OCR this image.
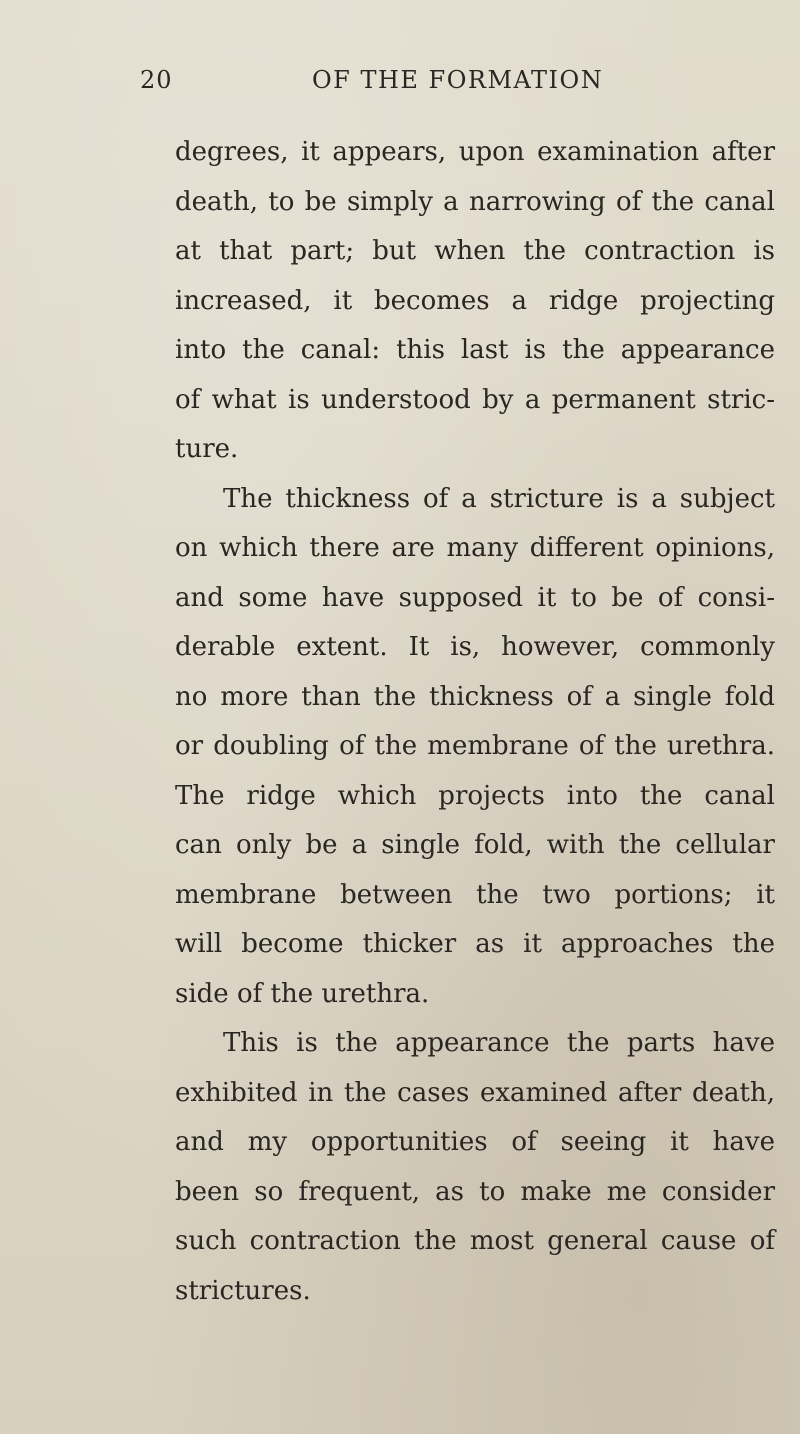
20	OF THE FORMATION

degrees, it appears, upon examination after
death, to be simply a narrowing of the canal
at that part; but when the contraction is
increased, it becomes a ridge projecting
into the canal: this last is the appearance
of what is understood by a permanent stric-
ture.

The thickness of a stricture is a subject
on which there are many different opinions,
and some have supposed it to be of consi-
derable extent. It is, however, commonly
no more than the thickness of a single fold
or doubling of the membrane of the urethra.
The ridge which projects into the canal
can only be a single fold, with the cellular
membrane between the two portions; it
will become thicker as it approaches the
side of the urethra.

This is the appearance the parts have
exhibited in the cases examined after death,
and my opportunities of seeing it have
been so frequent, as to make me consider
such contraction the most general cause of
strictures.
